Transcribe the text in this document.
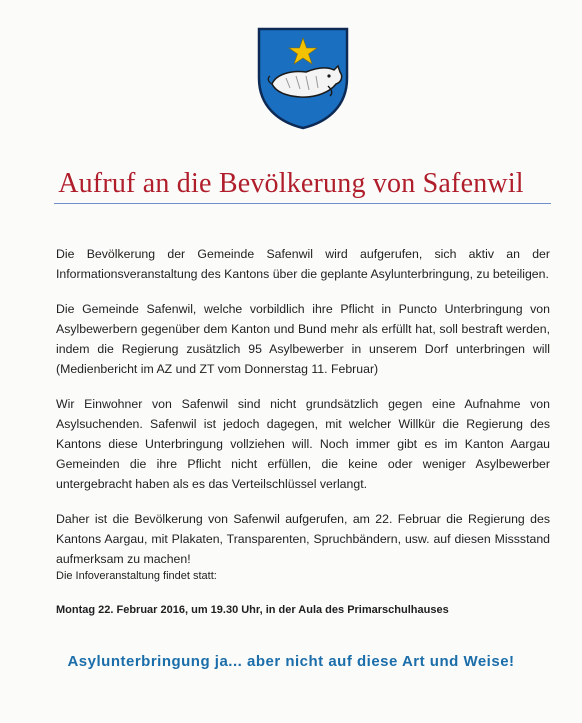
Aufruf an die Bevölkerung von Safenwil

Die Bevölkerung der Gemeinde Safenwil wird aufgerufen, sich aktiv an der Informationsveranstaltung des Kantons über die geplante Asylunterbringung, zu beteiligen.

Die Gemeinde Safenwil, welche vorbildlich ihre Pflicht in Puncto Unterbringung von Asylbewerbern gegenüber dem Kanton und Bund mehr als erfüllt hat, soll bestraft werden, indem die Regierung zusätzlich 95 Asylbewerber in unserem Dorf unterbringen will (Medienbericht im AZ und ZT vom Donnerstag 11. Februar)

Wir Einwohner von Safenwil sind nicht grundsätzlich gegen eine Aufnahme von Asylsuchenden. Safenwil ist jedoch dagegen, mit welcher Willkür die Regierung des Kantons diese Unterbringung vollziehen will. Noch immer gibt es im Kanton Aargau Gemeinden die ihre Pflicht nicht erfüllen, die keine oder weniger Asylbewerber untergebracht haben als es das Verteilschlüssel verlangt.

Daher ist die Bevölkerung von Safenwil aufgerufen, am 22. Februar die Regierung des Kantons Aargau, mit Plakaten, Transparenten, Spruchbändern, usw. auf diesen Missstand aufmerksam zu machen!

Die Infoveranstaltung findet statt:
Montag 22. Februar 2016, um 19.30 Uhr, in der Aula des Primarschulhauses
Asylunterbringung ja... aber nicht auf diese Art und Weise!
